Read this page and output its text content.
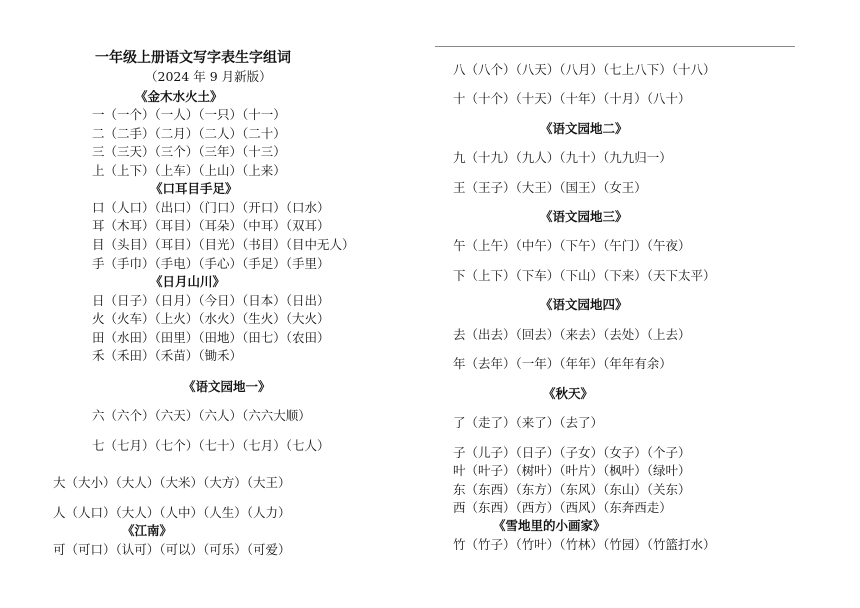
一年级上册语文写字表生字组词
（2024 年 9 月新版）
《金木水火土》
一（一个）（一人）（一只）（十一）
二（二手）（二月）（二人）（二十）
三（三天）（三个）（三年）（十三）
上（上下）（上车）（上山）（上来）
《口耳目手足》
口（人口）（出口）（门口）（开口）（口水）
耳（木耳）（耳目）（耳朵）（中耳）（双耳）
目（头目）（耳目）（目光）（书目）（目中无人）
手（手巾）（手电）（手心）（手足）（手里）
《日月山川》
日（日子）（日月）（今日）（日本）（日出）
火（火车）（上火）（水火）（生火）（大火）
田（水田）（田里）（田地）（田七）（农田）
禾（禾田）（禾苗）（锄禾）
《语文园地一》
六（六个）（六天）（六人）（六六大顺）
七（七月）（七个）（七十）（七月）（七人）
大（大小）（大人）（大米）（大方）（大王）
人（人口）（大人）（人中）（人生）（人力）
《江南》
可（可口）（认可）（可以）（可乐）（可爱）
八（八个）（八天）（八月）（七上八下）（十八）
十（十个）（十天）（十年）（十月）（八十）
《语文园地二》
九（十九）（九人）（九十）（九九归一）
王（王子）（大王）（国王）（女王）
《语文园地三》
午（上午）（中午）（下午）（午门）（午夜）
下（上下）（下车）（下山）（下来）（天下太平）
《语文园地四》
去（出去）（回去）（来去）（去处）（上去）
年（去年）（一年）（年年）（年年有余）
《秋天》
了（走了）（来了）（去了）
子（儿子）（日子）（子女）（女子）（个子）
叶（叶子）（树叶）（叶片）（枫叶）（绿叶）
东（东西）（东方）（东风）（东山）（关东）
西（东西）（西方）（西风）（东奔西走）
《雪地里的小画家》
竹（竹子）（竹叶）（竹林）（竹园）（竹篮打水）
